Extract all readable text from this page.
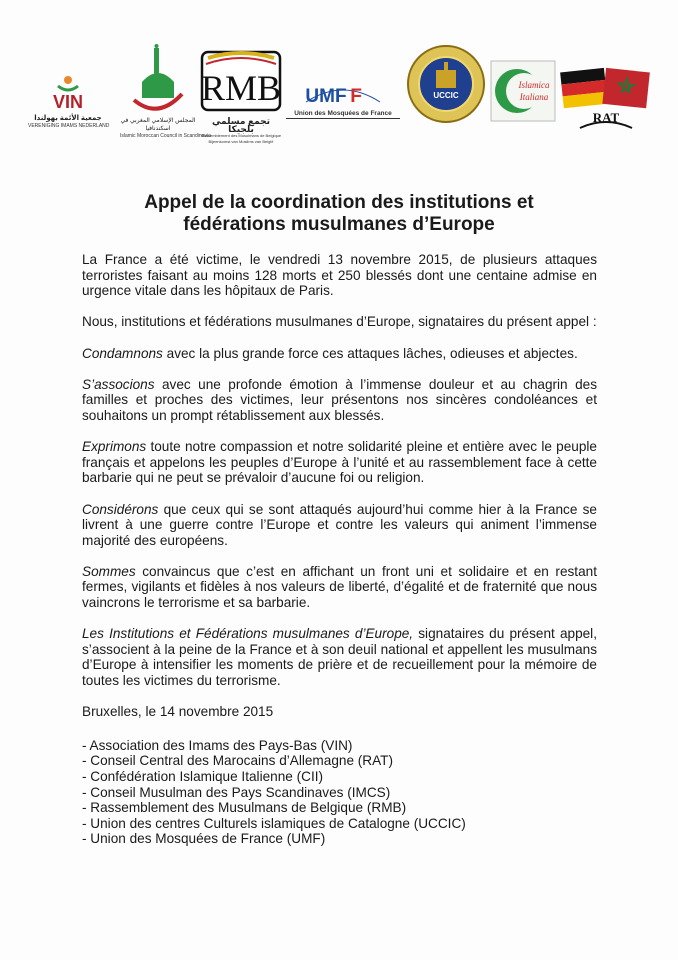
VIN
جمعية الأئمة بهولندا
VERENIGING IMAMS NEDERLAND
المجلس الإسلامي المغربي في اسكندنافيا
Islamic Moroccan Council in Scandinavia
RMB
تجمع مسلمي بلجيكا
Rassemblement des Musulmans de Belgique
Bijeenkomst van Moslims van België
UMF F
Union des Mosquées de France
UCCIC
Islamica
Italiana
RAT
Appel de la coordination des institutions et
fédérations musulmanes d’Europe

La France a été victime, le vendredi 13 novembre 2015, de plusieurs attaques terroristes faisant au moins 128 morts et 250 blessés dont une centaine admise en urgence vitale dans les hôpitaux de Paris.

Nous, institutions et fédérations musulmanes d’Europe, signataires du présent appel :

Condamnons avec la plus grande force ces attaques lâches, odieuses et abjectes.

S’associons avec une profonde émotion à l’immense douleur et au chagrin des familles et proches des victimes, leur présentons nos sincères condoléances et souhaitons un prompt rétablissement aux blessés.

Exprimons toute notre compassion et notre solidarité pleine et entière avec le peuple français et appelons les peuples d’Europe à l’unité et au rassemblement face à cette barbarie qui ne peut se prévaloir d’aucune foi ou religion.

Considérons que ceux qui se sont attaqués aujourd’hui comme hier à la France se livrent à une guerre contre l’Europe et contre les valeurs qui animent l’immense majorité des européens.

Sommes convaincus que c’est en affichant un front uni et solidaire et en restant fermes, vigilants et fidèles à nos valeurs de liberté, d’égalité et de fraternité que nous vaincrons le terrorisme et sa barbarie.

Les Institutions et Fédérations musulmanes d’Europe, signataires du présent appel, s’associent à la peine de la France et à son deuil national et appellent les musulmans d’Europe à intensifier les moments de prière et de recueillement pour la mémoire de toutes les victimes du terrorisme.

Bruxelles, le 14 novembre 2015

- Association des Imams des Pays-Bas (VIN)
- Conseil Central des Marocains d’Allemagne (RAT)
- Confédération Islamique Italienne (CII)
- Conseil Musulman des Pays Scandinaves (IMCS)
- Rassemblement des Musulmans de Belgique (RMB)
- Union des centres Culturels islamiques de Catalogne (UCCIC)
- Union des Mosquées de France (UMF)
